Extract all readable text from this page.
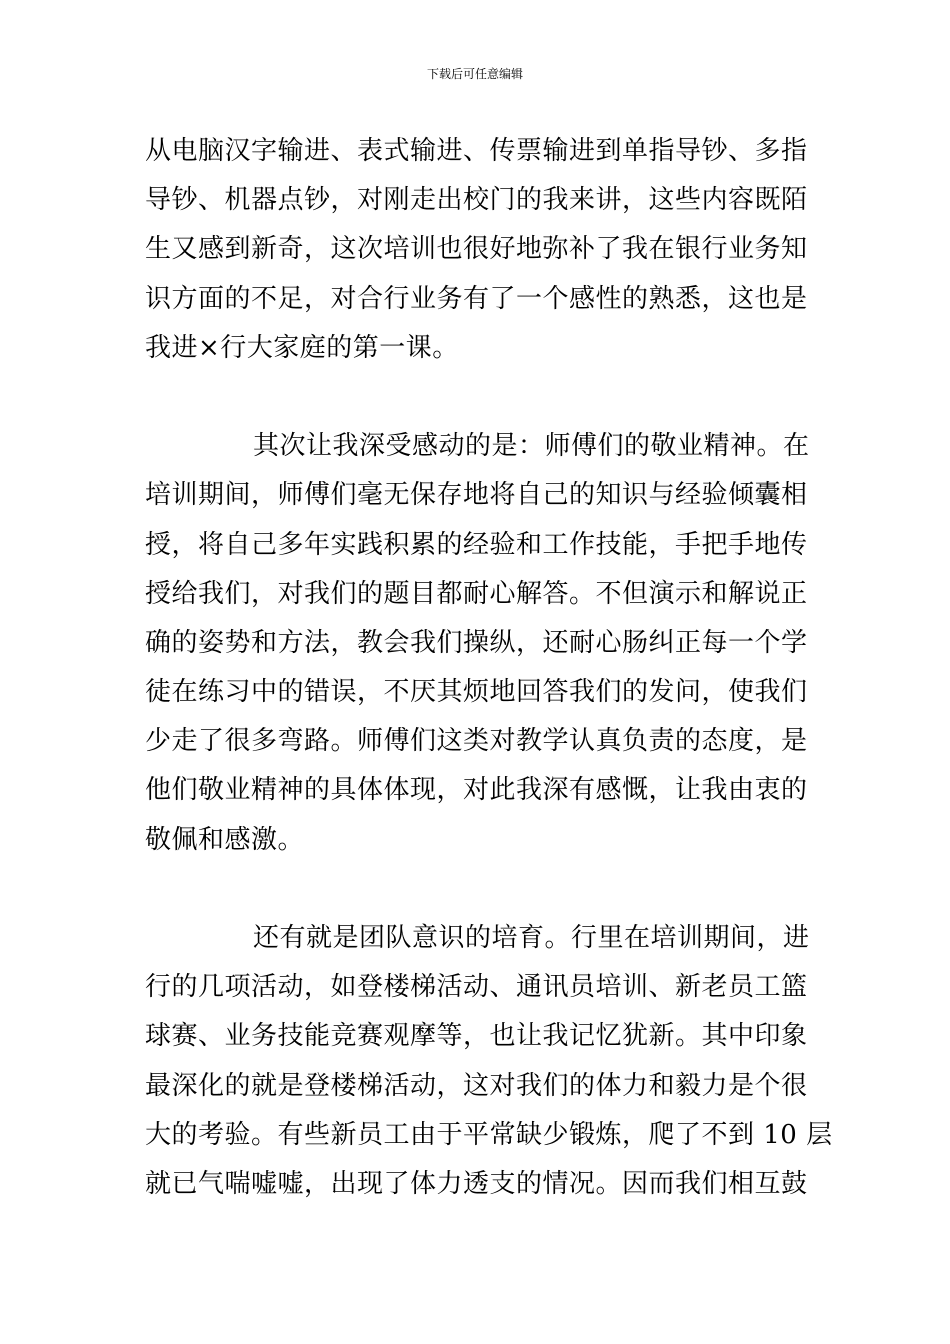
下载后可任意编辑
从电脑汉字输进、表式输进、传票输进到单指导钞、多指
导钞、机器点钞，对刚走出校门的我来讲，这些内容既陌
生又感到新奇，这次培训也很好地弥补了我在银行业务知
识方面的不足，对合行业务有了一个感性的熟悉，这也是
我进×行大家庭的第一课。
其次让我深受感动的是：师傅们的敬业精神。在
培训期间，师傅们毫无保存地将自己的知识与经验倾囊相
授，将自己多年实践积累的经验和工作技能，手把手地传
授给我们，对我们的题目都耐心解答。不但演示和解说正
确的姿势和方法，教会我们操纵，还耐心肠纠正每一个学
徒在练习中的错误，不厌其烦地回答我们的发问，使我们
少走了很多弯路。师傅们这类对教学认真负责的态度，是
他们敬业精神的具体体现，对此我深有感慨，让我由衷的
敬佩和感激。
还有就是团队意识的培育。行里在培训期间，进
行的几项活动，如登楼梯活动、通讯员培训、新老员工篮
球赛、业务技能竞赛观摩等，也让我记忆犹新。其中印象
最深化的就是登楼梯活动，这对我们的体力和毅力是个很
大的考验。有些新员工由于平常缺少锻炼，爬了不到 10 层
就已气喘嘘嘘，出现了体力透支的情况。因而我们相互鼓
